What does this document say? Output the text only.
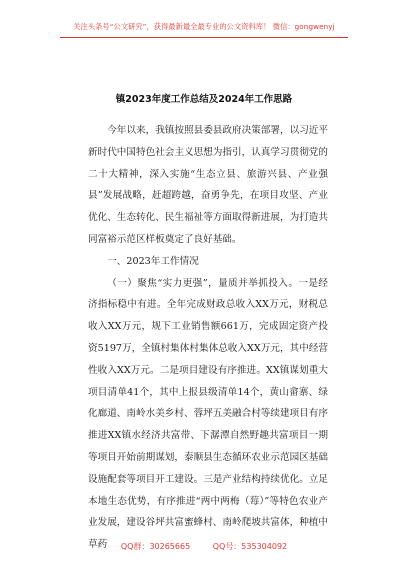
关注头条号“公文研究”，获得最新最全最专业的公文资料库！ 微信：gongwenyj
镇2023年度工作总结及2024年工作思路

今年以来，我镇按照县委县政府决策部署，以习近平新时代中国特色社会主义思想为指引，认真学习贯彻党的二十大精神，深入实施“生态立县、旅游兴县、产业强县”发展战略，赶超跨越，奋勇争先，在项目攻坚、产业优化、生态转化、民生福祉等方面取得新进展，为打造共同富裕示范区样板奠定了良好基础。

一、2023年工作情况

（一）聚焦“实力更强”，量质并举抓投入。一是经济指标稳中有进。全年完成财政总收入XX万元，财税总收入XX万元，规下工业销售额661万，完成固定资产投资5197万，全镇村集体村集体总收入XX万元，其中经营性收入XX万元。二是项目建设有序推进。XX镇谋划重大项目清单41个，其中上报县级清单14个，黄山畲寨、绿化廊道、南岭水美乡村、蓉坪五美融合村等续建项目有序推进XX镇水经济共富带、下潺潭自然野趣共富项目一期等项目开始前期谋划，泰顺县生态循环农业示范园区基础设施配套等项目开工建设。三是产业结构持续优化。立足本地生态优势，有序推进“两中两梅（莓）”等特色农业产业发展，建设谷坪共富蜜蜂村、南岭爬坡共富体，种植中草药	QQ群：30265665	QQ号：535304092
